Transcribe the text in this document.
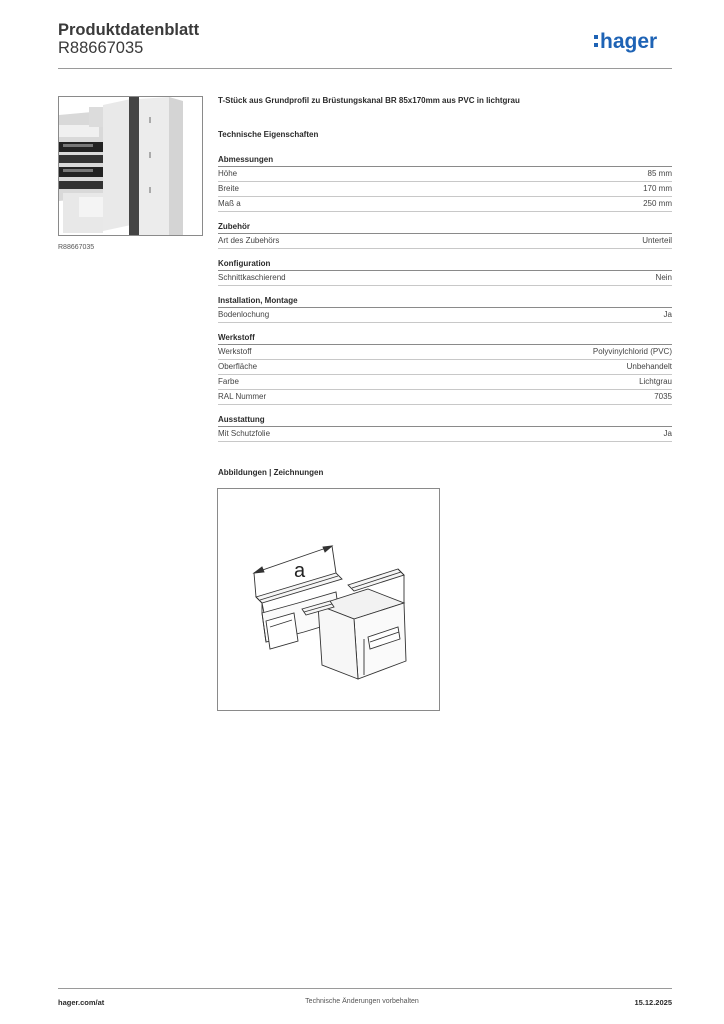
Produktdatenblatt
R88667035	hager
R88667035
T-Stück aus Grundprofil zu Brüstungskanal BR 85x170mm aus PVC in lichtgrau
Technische Eigenschaften
Abmessungen
Höhe	85 mm
Breite	170 mm
Maß a	250 mm
Zubehör
Art des Zubehörs	Unterteil
Konfiguration
Schnittkaschierend	Nein
Installation, Montage
Bodenlochung	Ja
Werkstoff
Werkstoff	Polyvinylchlorid (PVC)
Oberfläche	Unbehandelt
Farbe	Lichtgrau
RAL Nummer	7035
Ausstattung
Mit Schutzfolie	Ja
Abbildungen | Zeichnungen
a
hager.com/at	Technische Änderungen vorbehalten	15.12.2025
